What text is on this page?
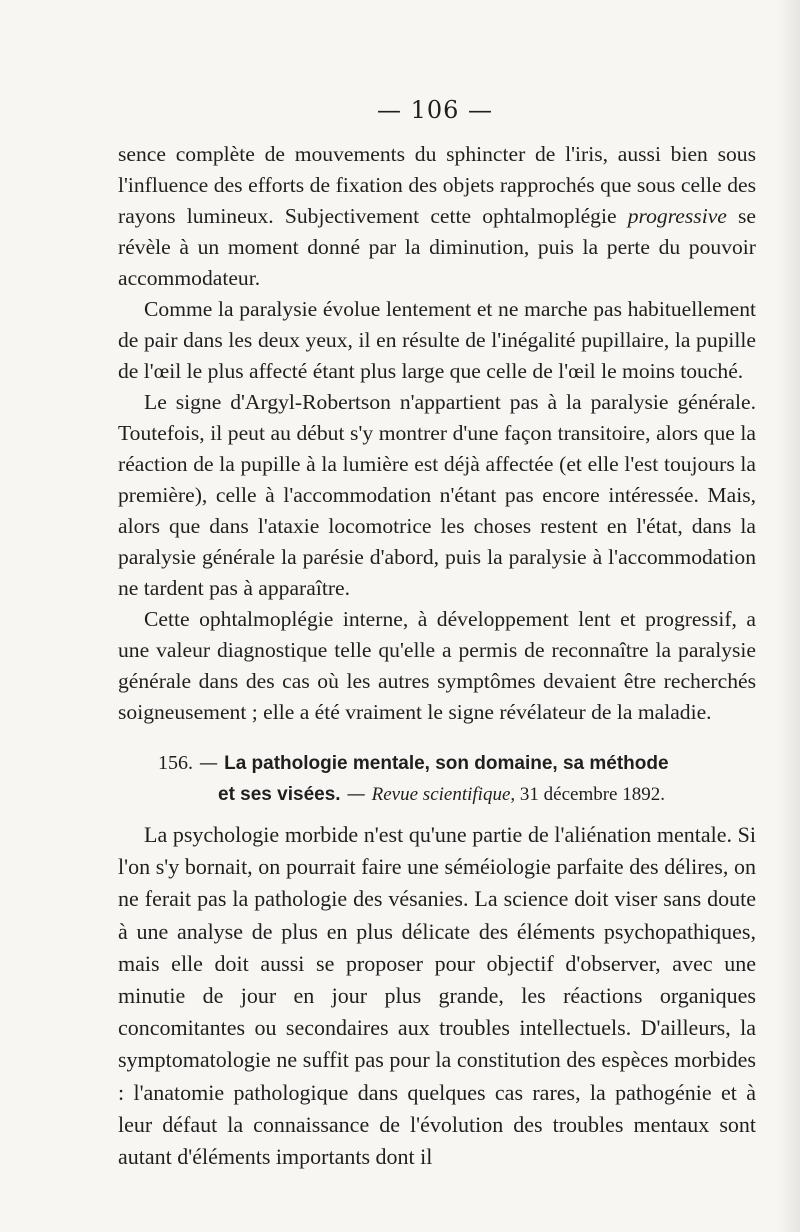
— 106 —

sence complète de mouvements du sphincter de l'iris, aussi bien sous l'influence des efforts de fixation des objets rapprochés que sous celle des rayons lumineux. Subjectivement cette ophtalmoplégie progressive se révèle à un moment donné par la diminution, puis la perte du pouvoir accommodateur.

Comme la paralysie évolue lentement et ne marche pas habituellement de pair dans les deux yeux, il en résulte de l'inégalité pupillaire, la pupille de l'œil le plus affecté étant plus large que celle de l'œil le moins touché.

Le signe d'Argyl-Robertson n'appartient pas à la paralysie générale. Toutefois, il peut au début s'y montrer d'une façon transitoire, alors que la réaction de la pupille à la lumière est déjà affectée (et elle l'est toujours la première), celle à l'accommodation n'étant pas encore intéressée. Mais, alors que dans l'ataxie locomotrice les choses restent en l'état, dans la paralysie générale la parésie d'abord, puis la paralysie à l'accommodation ne tardent pas à apparaître.

Cette ophtalmoplégie interne, à développement lent et progressif, a une valeur diagnostique telle qu'elle a permis de reconnaître la paralysie générale dans des cas où les autres symptômes devaient être recherchés soigneusement ; elle a été vraiment le signe révélateur de la maladie.

156. — La pathologie mentale, son domaine, sa méthode
et ses visées. — Revue scientifique, 31 décembre 1892.

La psychologie morbide n'est qu'une partie de l'aliénation mentale. Si l'on s'y bornait, on pourrait faire une séméiologie parfaite des délires, on ne ferait pas la pathologie des vésanies. La science doit viser sans doute à une analyse de plus en plus délicate des éléments psychopathiques, mais elle doit aussi se proposer pour objectif d'observer, avec une minutie de jour en jour plus grande, les réactions organiques concomitantes ou secondaires aux troubles intellectuels. D'ailleurs, la symptomatologie ne suffit pas pour la constitution des espèces morbides : l'anatomie pathologique dans quelques cas rares, la pathogénie et à leur défaut la connaissance de l'évolution des troubles mentaux sont autant d'éléments importants dont il
